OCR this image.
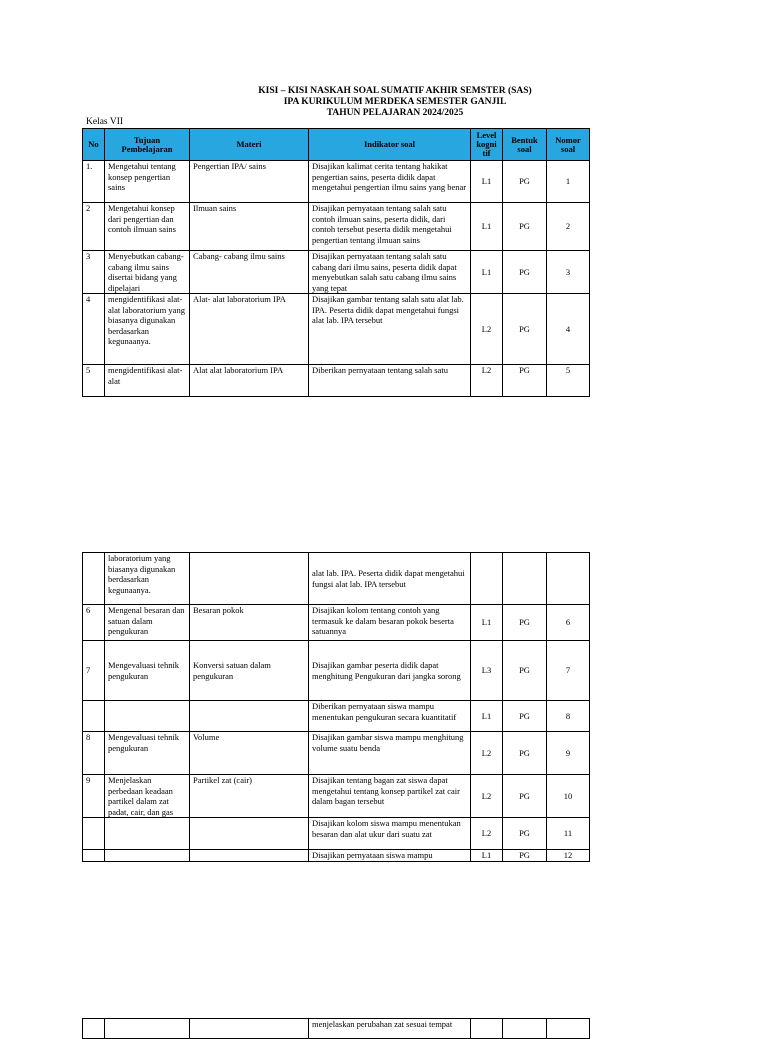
KISI – KISI NASKAH SOAL SUMATIF AKHIR SEMSTER (SAS)
IPA KURIKULUM MERDEKA SEMESTER GANJIL
TAHUN PELAJARAN 2024/2025
Kelas VII
No	Tujuan Pembelajaran	Materi	Indikator soal	Level kogni tif	Bentuk soal	Nomor soal
1.	Mengetahui tentang konsep pengertian sains	Pengertian IPA/ sains	Disajikan kalimat cerita tentang hakikat pengertian sains, peserta didik dapat mengetahui pengertian ilmu sains yang benar	L1	PG	1
2	Mengetahui konsep dari pengertian dan contoh ilmuan sains	Ilmuan sains	Disajikan pernyataan tentang salah satu contoh ilmuan sains, peserta didik, dari contoh tersebut peserta didik mengetahui pengertian tentang ilmuan sains	L1	PG	2
3	Menyebutkan cabang-cabang ilmu sains disertai bidang yang dipelajari	Cabang- cabang ilmu sains	Disajikan pernyataan tentang salah satu cabang dari ilmu sains, peserta didik dapat menyebutkan salah satu cabang ilmu sains yang tepat	L1	PG	3
4	mengidentifikasi alat-alat laboratorium yang biasanya digunakan berdasarkan kegunaanya.	Alat- alat laboratorium IPA	Disajikan gambar tentang salah satu alat lab. IPA. Peserta didik dapat mengetahui fungsi alat lab. IPA tersebut	L2	PG	4
5	mengidentifikasi alat-alat	Alat alat laboratorium IPA	Diberikan pernyataan tentang salah satu	L2	PG	5
	laboratorium yang biasanya digunakan berdasarkan kegunaanya.		alat lab. IPA. Peserta didik dapat mengetahui fungsi alat lab. IPA tersebut			
6	Mengenal besaran dan satuan dalam pengukuran	Besaran pokok	Disajikan kolom tentang contoh yang termasuk ke dalam besaran pokok beserta satuannya	L1	PG	6
7	Mengevaluasi tehnik pengukuran	Konversi satuan dalam pengukuran	Disajikan gambar peserta didik dapat menghitung Pengukuran dari jangka sorong	L3	PG	7
			Diberikan pernyataan siswa mampu menentukan pengukuran secara kuantitatif	L1	PG	8
8	Mengevaluasi tehnik pengukuran	Volume	Disajikan gambar siswa mampu menghitung volume suatu benda	L2	PG	9
9	Menjelaskan perbedaan keadaan partikel dalam zat padat, cair, dan gas	Partikel zat (cair)	Disajikan tentang bagan zat siswa dapat mengetahui tentang konsep partikel zat cair dalam bagan tersebut	L2	PG	10
			Disajikan kolom siswa mampu menentukan besaran dan alat ukur dari suatu zat	L2	PG	11
			Disajikan pernyataan siswa mampu	L1	PG	12
			menjelaskan perubahan zat sesuai tempat			
